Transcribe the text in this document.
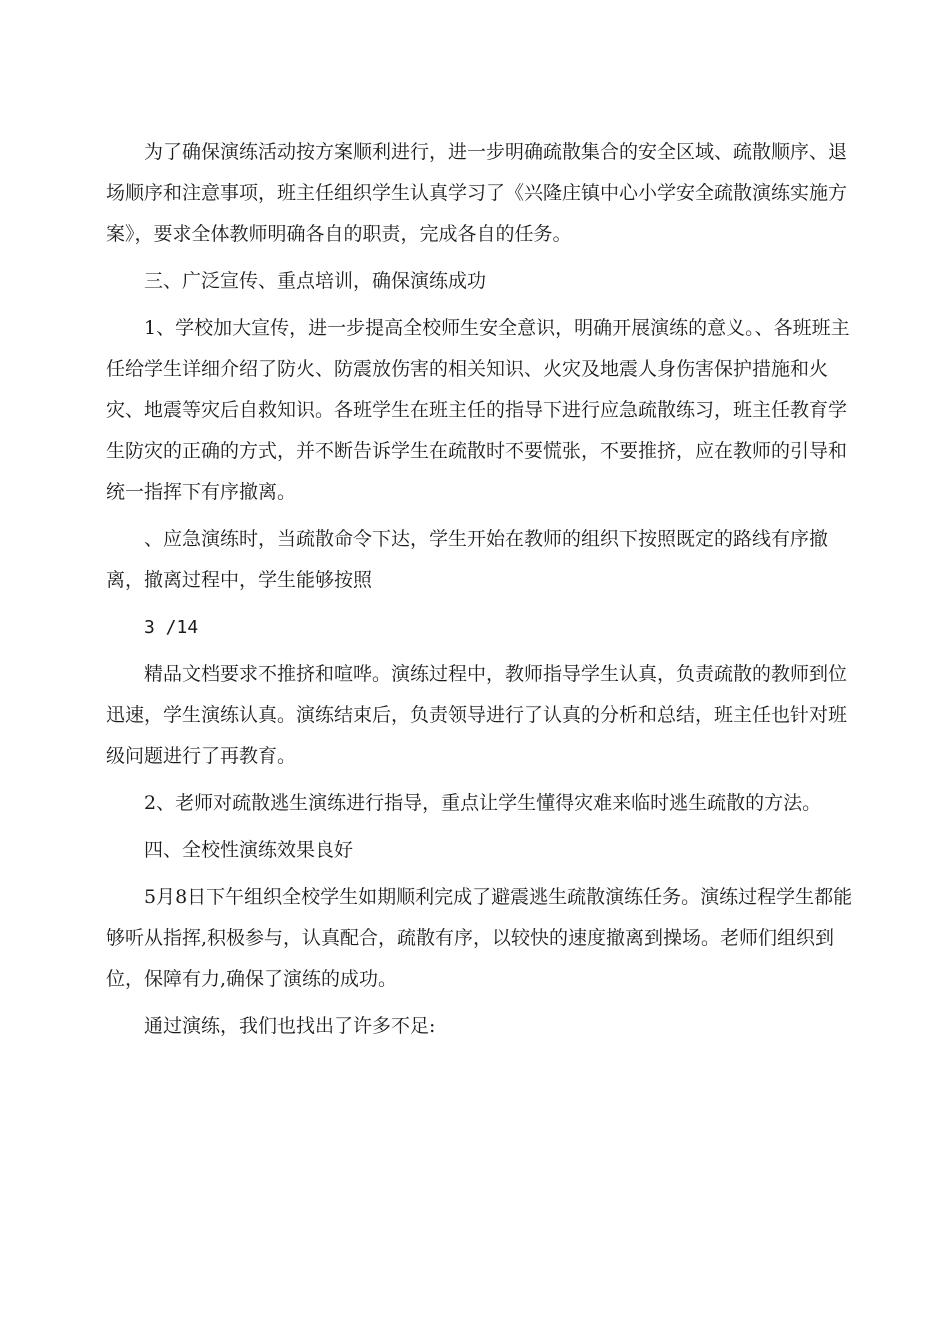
为了确保演练活动按方案顺利进行，进一步明确疏散集合的安全区域、疏散顺序、退场顺序和注意事项，班主任组织学生认真学习了《兴隆庄镇中心小学安全疏散演练实施方案》，要求全体教师明确各自的职责，完成各自的任务。

三、广泛宣传、重点培训，确保演练成功

1、学校加大宣传，进一步提高全校师生安全意识，明确开展演练的意义。、各班班主任给学生详细介绍了防火、防震放伤害的相关知识、火灾及地震人身伤害保护措施和火灾、地震等灾后自救知识。各班学生在班主任的指导下进行应急疏散练习，班主任教育学生防灾的正确的方式，并不断告诉学生在疏散时不要慌张，不要推挤，应在教师的引导和统一指挥下有序撤离。

、应急演练时，当疏散命令下达，学生开始在教师的组织下按照既定的路线有序撤离，撤离过程中，学生能够按照

3 /14

精品文档要求不推挤和喧哗。演练过程中，教师指导学生认真，负责疏散的教师到位迅速，学生演练认真。演练结束后，负责领导进行了认真的分析和总结，班主任也针对班级问题进行了再教育。

2、老师对疏散逃生演练进行指导，重点让学生懂得灾难来临时逃生疏散的方法。

四、全校性演练效果良好

5月8日下午组织全校学生如期顺利完成了避震逃生疏散演练任务。演练过程学生都能够听从指挥,积极参与，认真配合，疏散有序，以较快的速度撤离到操场。老师们组织到位，保障有力,确保了演练的成功。

通过演练，我们也找出了许多不足:
